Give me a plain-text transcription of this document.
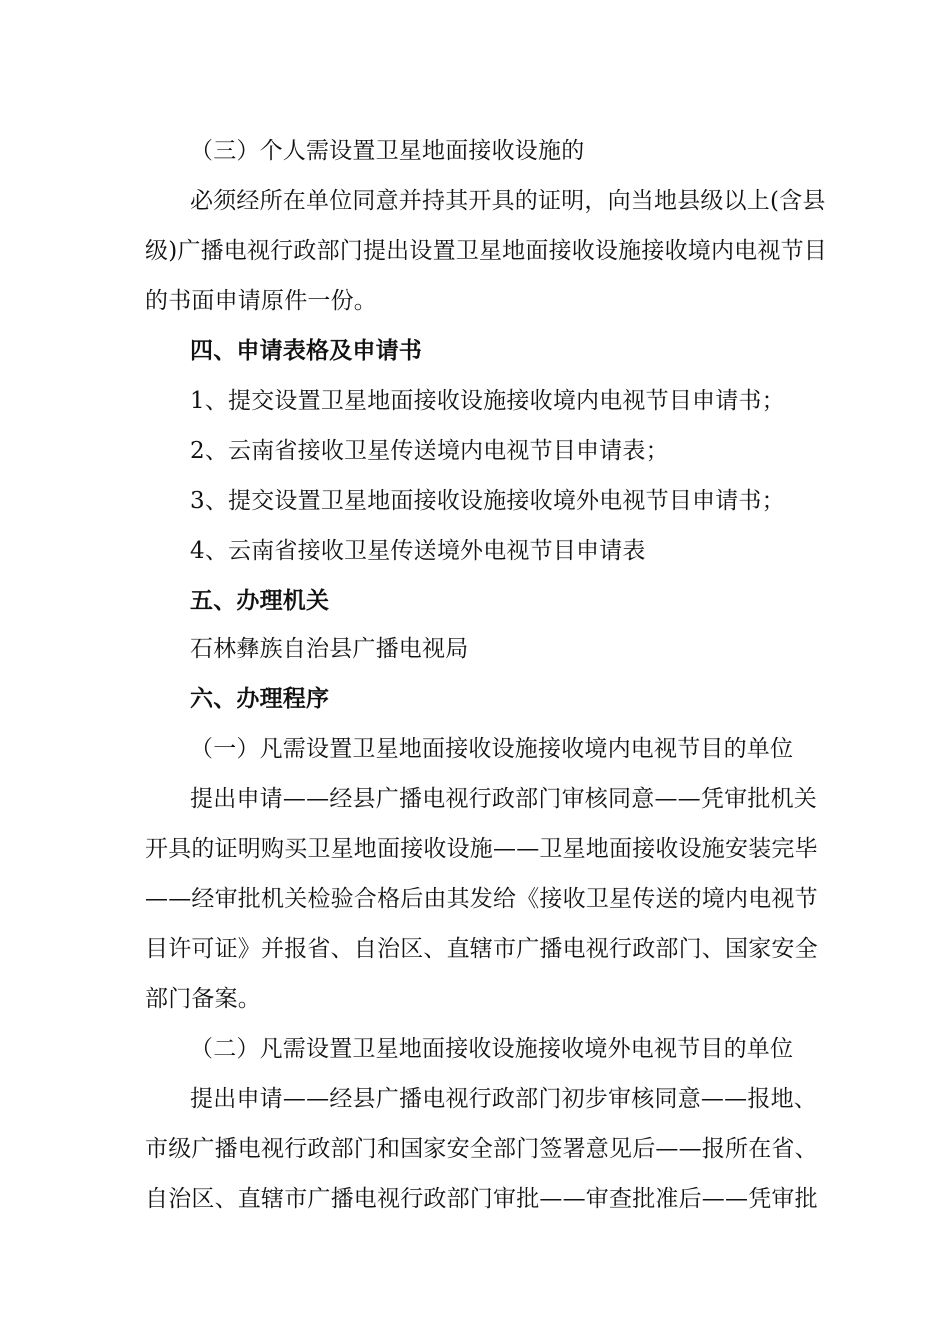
（三）个人需设置卫星地面接收设施的
必须经所在单位同意并持其开具的证明，向当地县级以上(含县
级)广播电视行政部门提出设置卫星地面接收设施接收境内电视节目
的书面申请原件一份。
四、申请表格及申请书
1、提交设置卫星地面接收设施接收境内电视节目申请书；
2、云南省接收卫星传送境内电视节目申请表；
3、提交设置卫星地面接收设施接收境外电视节目申请书；
4、云南省接收卫星传送境外电视节目申请表
五、办理机关
石林彝族自治县广播电视局
六、办理程序
（一）凡需设置卫星地面接收设施接收境内电视节目的单位
提出申请——经县广播电视行政部门审核同意——凭审批机关
开具的证明购买卫星地面接收设施——卫星地面接收设施安装完毕
——经审批机关检验合格后由其发给《接收卫星传送的境内电视节
目许可证》并报省、自治区、直辖市广播电视行政部门、国家安全
部门备案。
（二）凡需设置卫星地面接收设施接收境外电视节目的单位
提出申请——经县广播电视行政部门初步审核同意——报地、
市级广播电视行政部门和国家安全部门签署意见后——报所在省、
自治区、直辖市广播电视行政部门审批——审查批准后——凭审批
